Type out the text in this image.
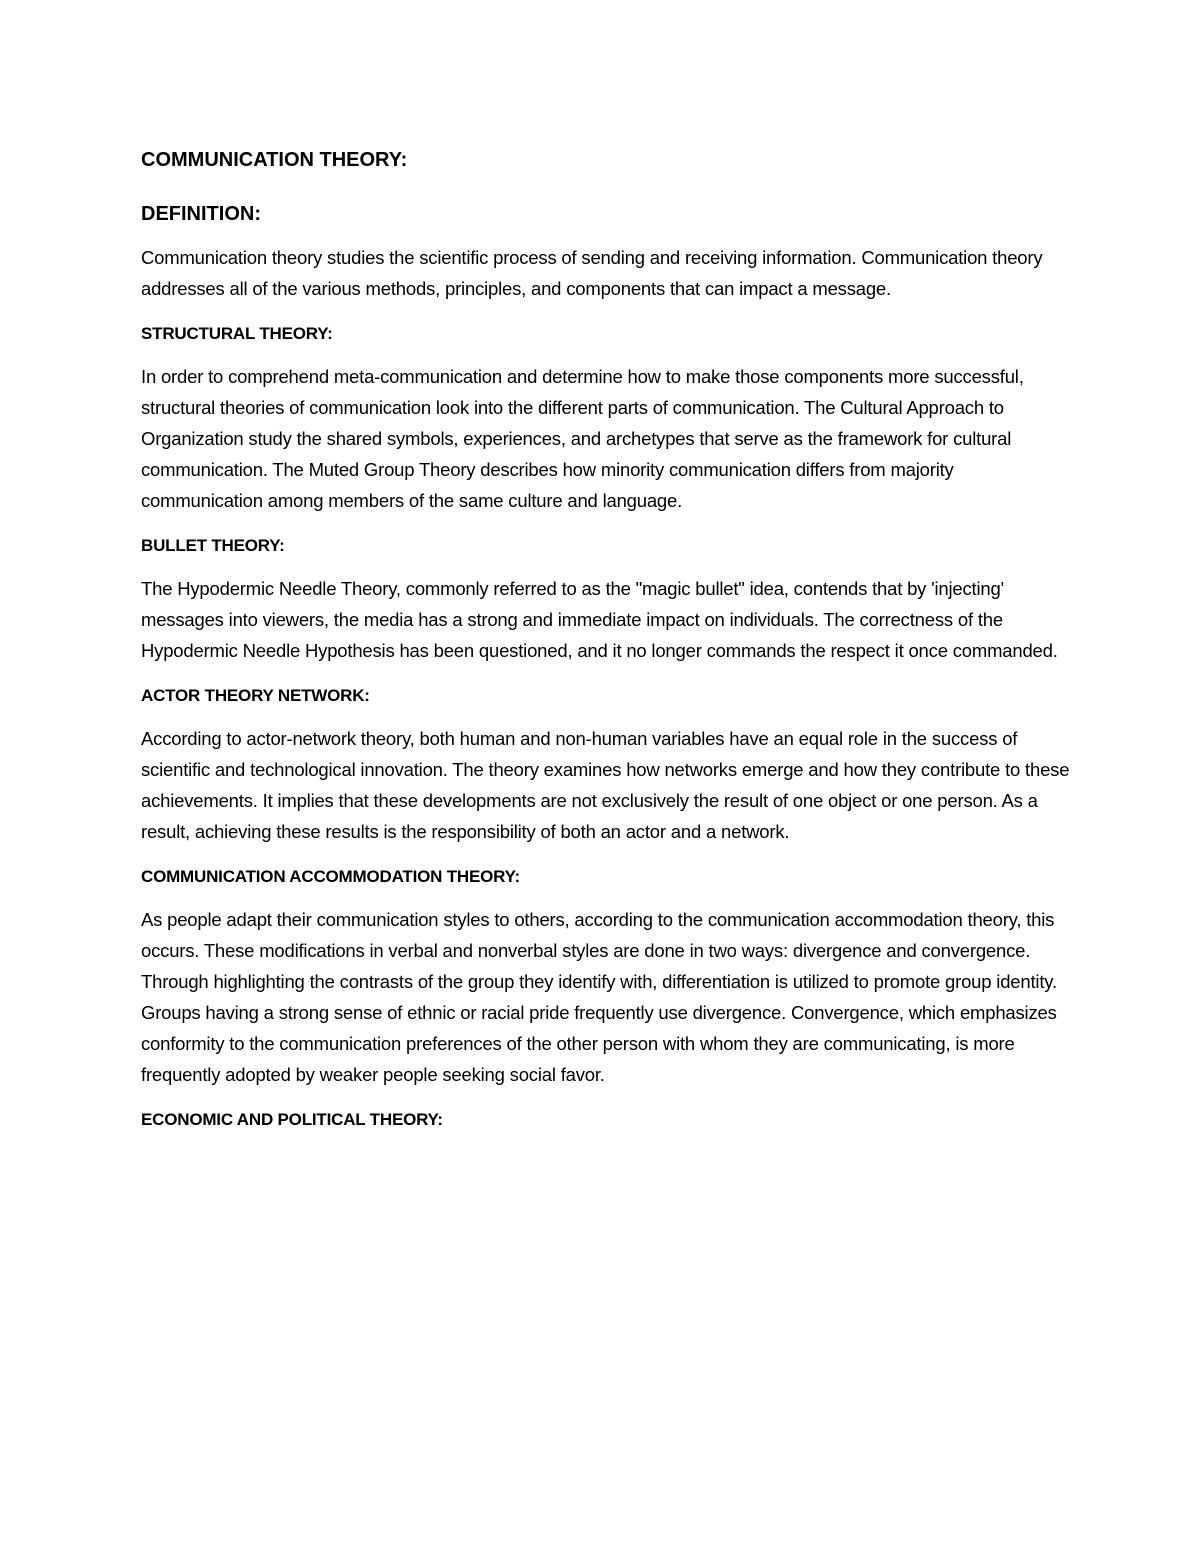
COMMUNICATION THEORY:
DEFINITION:
Communication theory studies the scientific process of sending and receiving information. Communication theory addresses all of the various methods, principles, and components that can impact a message.
STRUCTURAL THEORY:
In order to comprehend meta-communication and determine how to make those components more successful, structural theories of communication look into the different parts of communication. The Cultural Approach to Organization study the shared symbols, experiences, and archetypes that serve as the framework for cultural communication. The Muted Group Theory describes how minority communication differs from majority communication among members of the same culture and language.
BULLET THEORY:
The Hypodermic Needle Theory, commonly referred to as the "magic bullet" idea, contends that by 'injecting' messages into viewers, the media has a strong and immediate impact on individuals. The correctness of the Hypodermic Needle Hypothesis has been questioned, and it no longer commands the respect it once commanded.
ACTOR THEORY NETWORK:
According to actor-network theory, both human and non-human variables have an equal role in the success of scientific and technological innovation. The theory examines how networks emerge and how they contribute to these achievements. It implies that these developments are not exclusively the result of one object or one person. As a result, achieving these results is the responsibility of both an actor and a network.
COMMUNICATION ACCOMMODATION THEORY:
As people adapt their communication styles to others, according to the communication accommodation theory, this occurs. These modifications in verbal and nonverbal styles are done in two ways: divergence and convergence. Through highlighting the contrasts of the group they identify with, differentiation is utilized to promote group identity. Groups having a strong sense of ethnic or racial pride frequently use divergence. Convergence, which emphasizes conformity to the communication preferences of the other person with whom they are communicating, is more frequently adopted by weaker people seeking social favor.
ECONOMIC AND POLITICAL THEORY:
